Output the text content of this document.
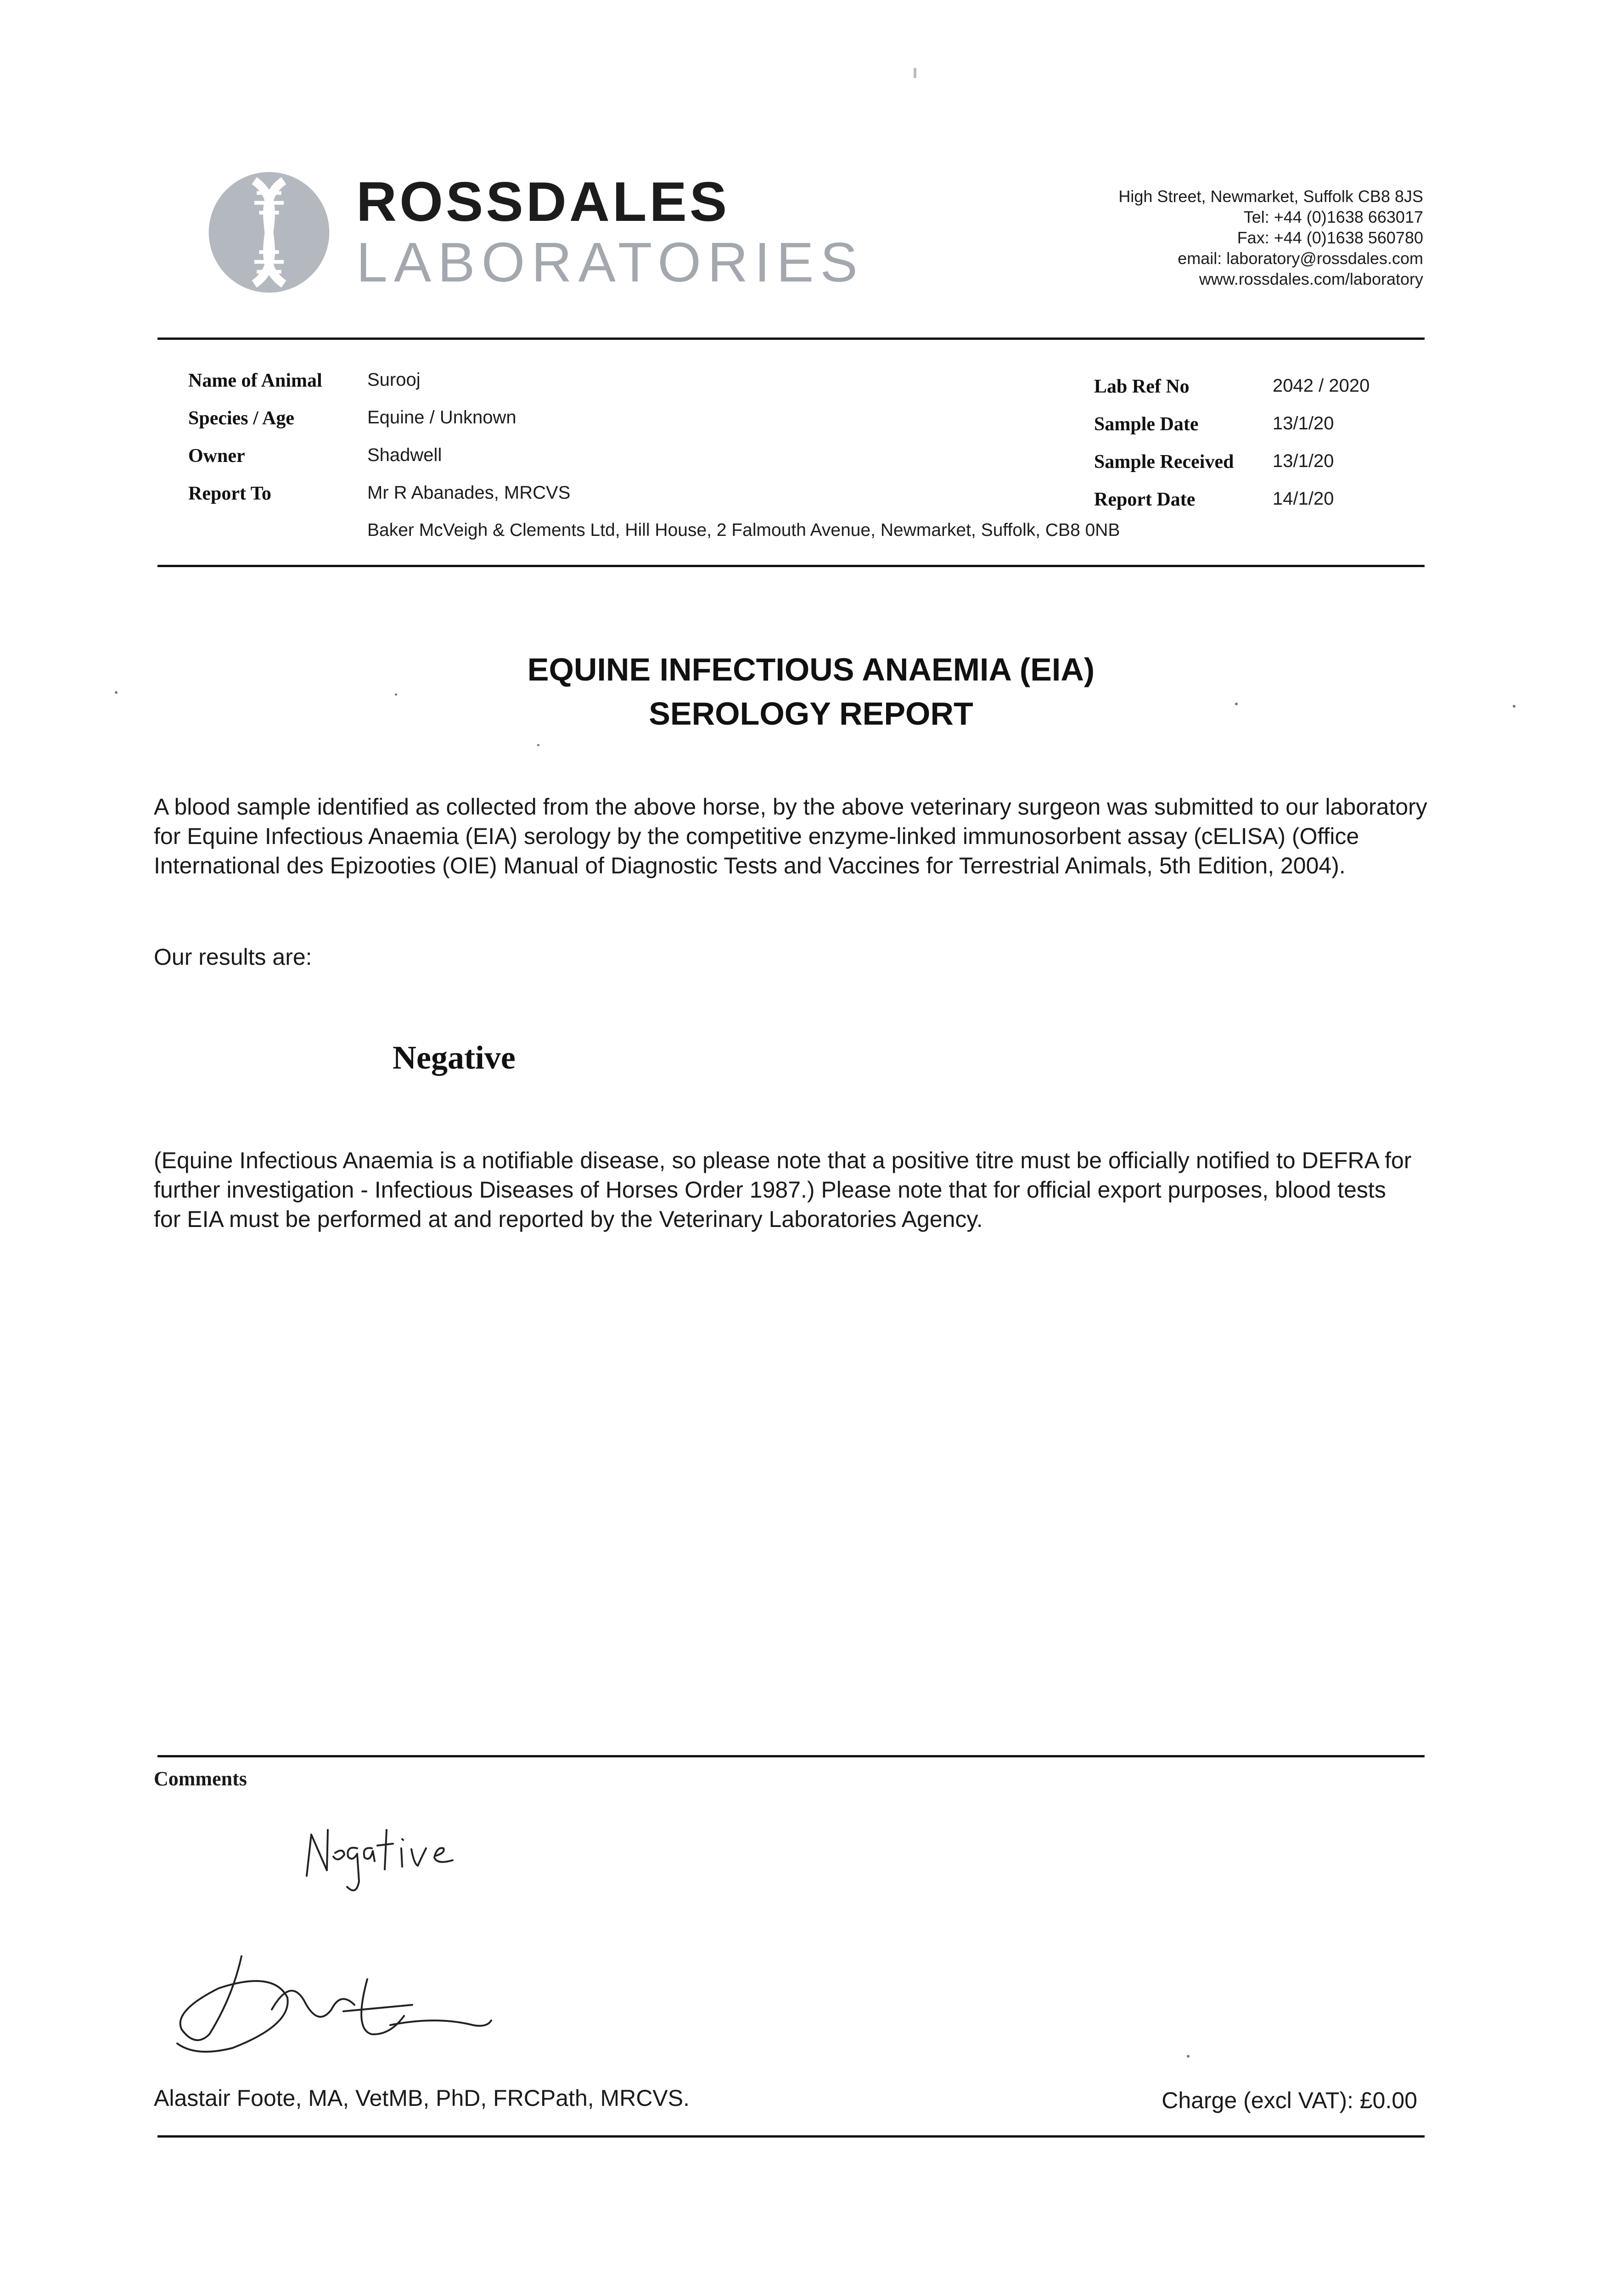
ROSSDALES
LABORATORIES
High Street, Newmarket, Suffolk CB8 8JS
Tel: +44 (0)1638 663017
Fax: +44 (0)1638 560780
email: laboratory@rossdales.com
www.rossdales.com/laboratory
Name of Animal Surooj
Species / Age	Equine / Unknown
Owner	Shadwell
Report To	Mr R Abanades, MRCVS
Baker McVeigh & Clements Ltd, Hill House, 2 Falmouth Avenue, Newmarket, Suffolk, CB8 0NB
Lab Ref No	2042 / 2020
Sample Date	13/1/20
Sample Received 13/1/20
Report Date	14/1/20
EQUINE INFECTIOUS ANAEMIA (EIA)
SEROLOGY REPORT
A blood sample identified as collected from the above horse, by the above veterinary surgeon was submitted to our laboratory for Equine Infectious Anaemia (EIA) serology by the competitive enzyme-linked immunosorbent assay (cELISA) (Office International des Epizooties (OIE) Manual of Diagnostic Tests and Vaccines for Terrestrial Animals, 5th Edition, 2004).
Our results are:
Negative
(Equine Infectious Anaemia is a notifiable disease, so please note that a positive titre must be officially notified to DEFRA for further investigation - Infectious Diseases of Horses Order 1987.) Please note that for official export purposes, blood tests for EIA must be performed at and reported by the Veterinary Laboratories Agency.
Comments
Alastair Foote, MA, VetMB, PhD, FRCPath, MRCVS.	Charge (excl VAT): £0.00
